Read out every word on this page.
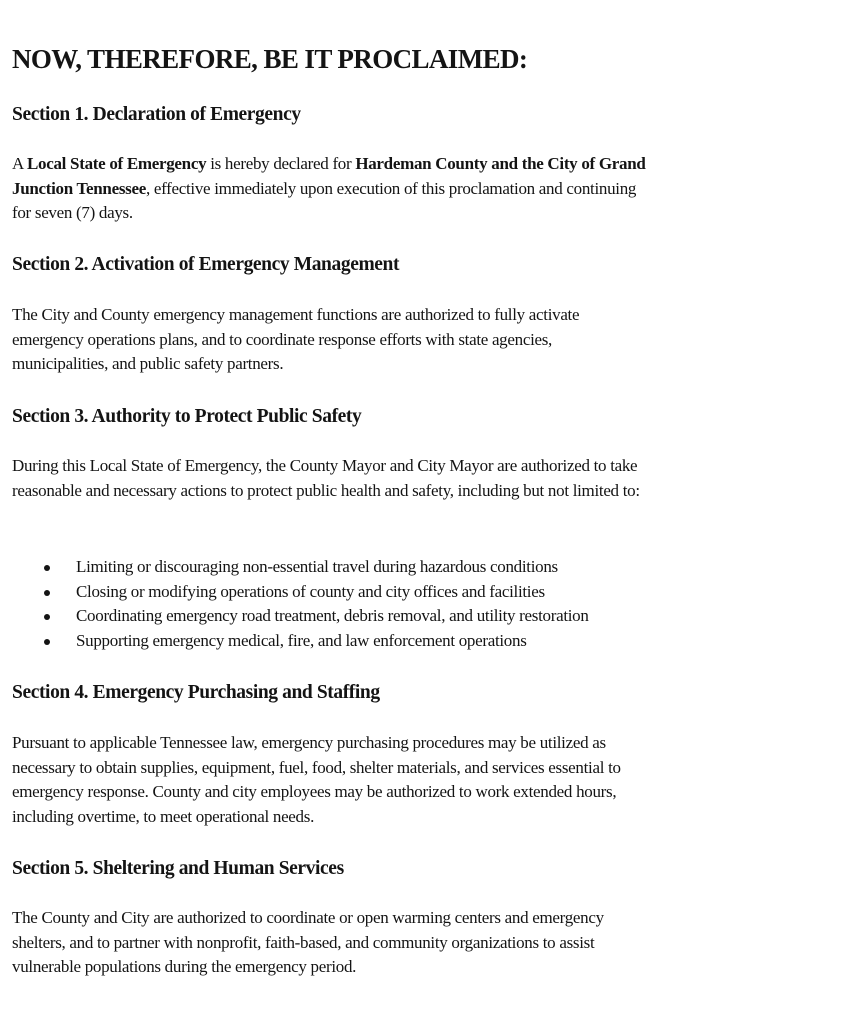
NOW, THEREFORE, BE IT PROCLAIMED:
Section 1. Declaration of Emergency

A Local State of Emergency is hereby declared for Hardeman County and the City of Grand
Junction Tennessee, effective immediately upon execution of this proclamation and continuing
for seven (7) days.

Section 2. Activation of Emergency Management

The City and County emergency management functions are authorized to fully activate
emergency operations plans, and to coordinate response efforts with state agencies,
municipalities, and public safety partners.

Section 3. Authority to Protect Public Safety

During this Local State of Emergency, the County Mayor and City Mayor are authorized to take
reasonable and necessary actions to protect public health and safety, including but not limited to:

Limiting or discouraging non-essential travel during hazardous conditions
Closing or modifying operations of county and city offices and facilities
Coordinating emergency road treatment, debris removal, and utility restoration
Supporting emergency medical, fire, and law enforcement operations
Section 4. Emergency Purchasing and Staffing

Pursuant to applicable Tennessee law, emergency purchasing procedures may be utilized as
necessary to obtain supplies, equipment, fuel, food, shelter materials, and services essential to
emergency response. County and city employees may be authorized to work extended hours,
including overtime, to meet operational needs.

Section 5. Sheltering and Human Services

The County and City are authorized to coordinate or open warming centers and emergency
shelters, and to partner with nonprofit, faith-based, and community organizations to assist
vulnerable populations during the emergency period.
